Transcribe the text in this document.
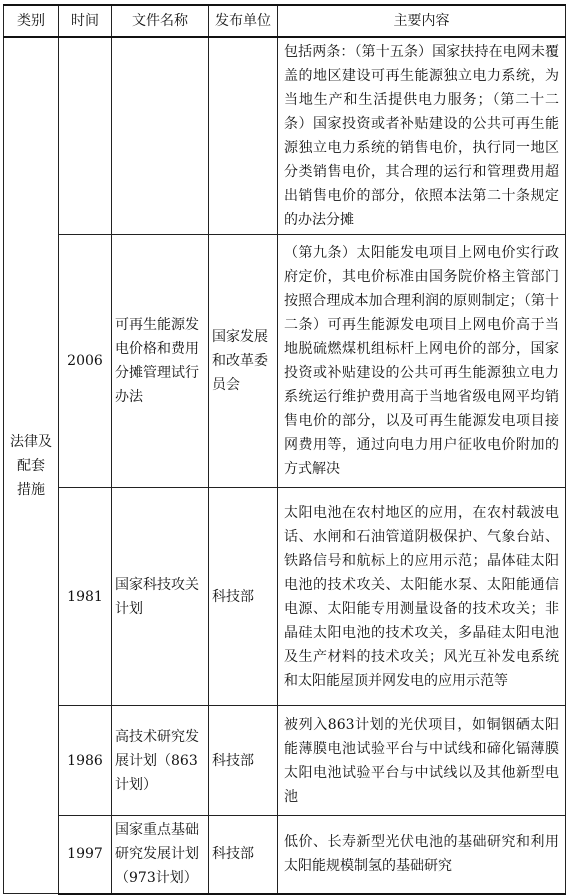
类别	时间	文件名称	发布单位	主要内容

法律及
配套
措施				包括两条：（第十五条）国家扶持在电网未覆盖的地区建设可再生能源独立电力系统，为当地生产和生活提供电力服务；（第二十二条）国家投资或者补贴建设的公共可再生能源独立电力系统的销售电价，执行同一地区分类销售电价，其合理的运行和管理费用超出销售电价的部分，依照本法第二十条规定的办法分摊
	2006	可再生能源发电价格和费用分摊管理试行办法	国家发展和改革委员会	（第九条）太阳能发电项目上网电价实行政府定价，其电价标准由国务院价格主管部门按照合理成本加合理利润的原则制定；（第十二条）可再生能源发电项目上网电价高于当地脱硫燃煤机组标杆上网电价的部分，国家投资或补贴建设的公共可再生能源独立电力系统运行维护费用高于当地省级电网平均销售电价的部分，以及可再生能源发电项目接网费用等，通过向电力用户征收电价附加的方式解决
	1981	国家科技攻关计划	科技部	太阳电池在农村地区的应用，在农村载波电话、水闸和石油管道阴极保护、气象台站、铁路信号和航标上的应用示范；晶体硅太阳电池的技术攻关、太阳能水泵、太阳能通信电源、太阳能专用测量设备的技术攻关；非晶硅太阳电池的技术攻关，多晶硅太阳电池及生产材料的技术攻关；风光互补发电系统和太阳能屋顶并网发电的应用示范等
	1986	高技术研究发展计划（863计划）	科技部	被列入863计划的光伏项目，如铜铟硒太阳能薄膜电池试验平台与中试线和碲化镉薄膜太阳电池试验平台与中试线以及其他新型电池
	1997	国家重点基础研究发展计划（973计划）	科技部	低价、长寿新型光伏电池的基础研究和利用太阳能规模制氢的基础研究
